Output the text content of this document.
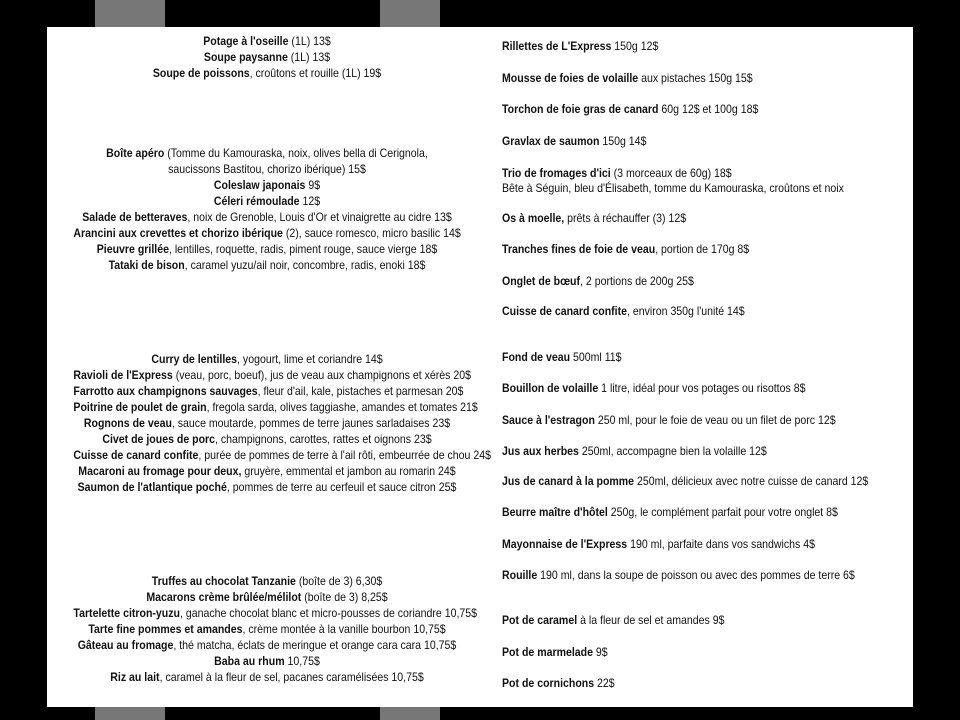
Potage à l'oseille (1L) 13$
Soupe paysanne (1L) 13$
Soupe de poissons, croûtons et rouille (1L) 19$
Boîte apéro (Tomme du Kamouraska, noix, olives bella di Cerignola,
saucissons Bastitou, chorizo ibérique) 15$
Coleslaw japonais 9$
Céleri rémoulade 12$
Salade de betteraves, noix de Grenoble, Louis d'Or et vinaigrette au cidre 13$
Arancini aux crevettes et chorizo ibérique (2), sauce romesco, micro basilic 14$
Pieuvre grillée, lentilles, roquette, radis, piment rouge, sauce vierge 18$
Tataki de bison, caramel yuzu/ail noir, concombre, radis, enoki 18$
Curry de lentilles, yogourt, lime et coriandre 14$
Ravioli de l'Express (veau, porc, boeuf), jus de veau aux champignons et xérès 20$
Farrotto aux champignons sauvages, fleur d'ail, kale, pistaches et parmesan 20$
Poitrine de poulet de grain, fregola sarda, olives taggiashe, amandes et tomates 21$
Rognons de veau, sauce moutarde, pommes de terre jaunes sarladaises 23$
Civet de joues de porc, champignons, carottes, rattes et oignons 23$
Cuisse de canard confite, purée de pommes de terre à l'ail rôti, embeurrée de chou 24$
Macaroni au fromage pour deux, gruyère, emmental et jambon au romarin 24$
Saumon de l'atlantique poché, pommes de terre au cerfeuil et sauce citron 25$
Truffes au chocolat Tanzanie (boîte de 3) 6,30$
Macarons crème brûlée/mélilot (boîte de 3) 8,25$
Tartelette citron-yuzu, ganache chocolat blanc et micro-pousses de coriandre 10,75$
Tarte fine pommes et amandes, crème montée à la vanille bourbon 10,75$
Gâteau au fromage, thé matcha, éclats de meringue et orange cara cara 10,75$
Baba au rhum 10,75$
Riz au lait, caramel à la fleur de sel, pacanes caramélisées 10,75$
Rillettes de L'Express 150g 12$
Mousse de foies de volaille aux pistaches 150g 15$
Torchon de foie gras de canard 60g 12$ et 100g 18$
Gravlax de saumon 150g 14$
Trio de fromages d'ici (3 morceaux de 60g) 18$
Bête à Séguin, bleu d'Élisabeth, tomme du Kamouraska, croûtons et noix
Os à moelle, prêts à réchauffer (3) 12$
Tranches fines de foie de veau, portion de 170g 8$
Onglet de bœuf, 2 portions de 200g 25$
Cuisse de canard confite, environ 350g l'unité 14$
Fond de veau 500ml 11$
Bouillon de volaille 1 litre, idéal pour vos potages ou risottos 8$
Sauce à l'estragon 250 ml, pour le foie de veau ou un filet de porc 12$
Jus aux herbes 250ml, accompagne bien la volaille 12$
Jus de canard à la pomme 250ml, délicieux avec notre cuisse de canard 12$
Beurre maître d'hôtel 250g, le complément parfait pour votre onglet 8$
Mayonnaise de l'Express 190 ml, parfaite dans vos sandwichs 4$
Rouille 190 ml, dans la soupe de poisson ou avec des pommes de terre 6$
Pot de caramel à la fleur de sel et amandes 9$
Pot de marmelade 9$
Pot de cornichons 22$
